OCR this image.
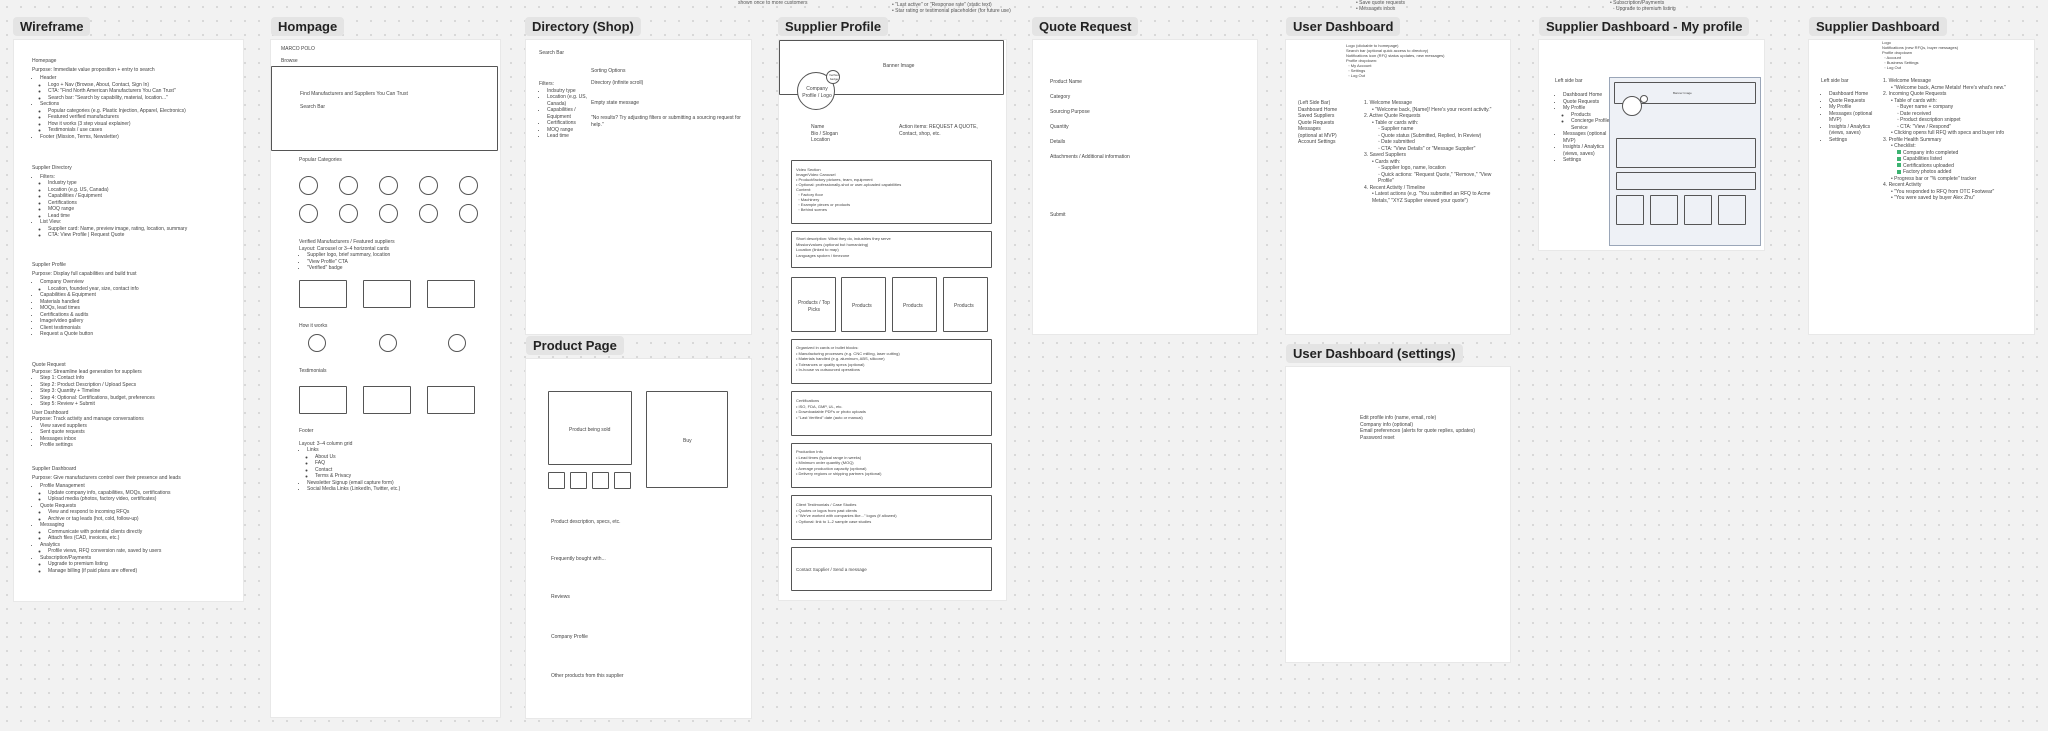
shown once to more customers	• "Last active" or "Response rate" (static text)
• Star rating or testimonial placeholder (for future use)
• Save quote requests
• Messages inbox
• Subscription/Payments
◦ Upgrade to premium listing
Wireframe
Homepage
Purpose: Immediate value proposition + entry to search
• Header
◦ Logo + Nav (Browse, About, Contact, Sign In)
◦ CTA: "Find North American Manufacturers You Can Trust"
◦ Search bar: "Search by capability, material, location..."
• Sections
◦ Popular categories (e.g. Plastic Injection, Apparel, Electronics)
◦ Featured verified manufacturers
◦ How it works (3 step visual explainer)
◦ Testimonials / use cases
• Footer (Mission, Terms, Newsletter)
Supplier Directory
• Filters:
◦ Industry type
◦ Location (e.g. US, Canada)
◦ Capabilities / Equipment
◦ Certifications
◦ MOQ range
◦ Lead time
• List View:
◦ Supplier card: Name, preview image, rating, location, summary
◦ CTA: View Profile | Request Quote
Supplier Profile
Purpose: Display full capabilities and build trust
• Company Overview
◦ Location, founded year, size, contact info
• Capabilities & Equipment
• Materials handled
• MOQs, lead times
• Certifications & audits
• Image/video gallery
• Client testimonials
• Request a Quote button
Quote Request
Purpose: Streamline lead generation for suppliers
• Step 1: Contact Info
• Step 2: Product Description / Upload Specs
• Step 3: Quantity + Timeline
• Step 4: Optional: Certifications, budget, preferences
• Step 5: Review + Submit
User Dashboard
Purpose: Track activity and manage conversations
• View saved suppliers
• Sent quote requests
• Messages inbox
• Profile settings
Supplier Dashboard
Purpose: Give manufacturers control over their presence and leads
• Profile Management
◦ Update company info, capabilities, MOQs, certifications
◦ Upload media (photos, factory video, certificates)
• Quote Requests
◦ View and respond to incoming RFQs
◦ Archive or tag leads (hot, cold, follow-up)
• Messaging
◦ Communicate with potential clients directly
◦ Attach files (CAD, invoices, etc.)
• Analytics
◦ Profile views, RFQ conversion rate, saved by users
• Subscription/Payments
◦ Upgrade to premium listing
◦ Manage billing (if paid plans are offered)
Hompage
MARCO POLO
Browse
Find Manufacturers and Suppliers You Can Trust
Search Bar
Popular Categories
Verified Manufacturers / Featured suppliers
Layout: Carousel or 3–4 horizontal cards
• Supplier logo, brief summary, location
• "View Profile" CTA
• "Verified" badge
How it works
Testimonials
Footer
Layout: 3–4 column grid
• Links
◦ About Us
◦ FAQ
◦ Contact
◦ Terms & Privacy
• Newsletter Signup (email capture form)
• Social Media Links (LinkedIn, Twitter, etc.)
Directory (Shop)
Search Bar
Sorting Options
Directory (infinite scroll)
Filters:
• Indsutry type
• Location (e.g. US, Canada)
• Capabilities / Equipment
• Certifications
• MOQ range
• Lead time
Empty state message
"No results? Try adjusting filters or submitting a sourcing request for help."
Product Page
Product being sold
Buy
Product description, specs, etc.
Frequently bought with...
Reviews
Company Profile
Other products from this supplier
Supplier Profile
Banner Image
Company Profile / Logo
Verified badge
Name
Bio / Slogan
Location
Action items: REQUEST A QUOTE, Contact, shop, etc.
Video Section
Image/Video Carousel
• Product/factory pictures, team, equipment
• Optional: professionally-shot or user-uploaded capabilities
Content:
◦ Factory floor
◦ Machinery
◦ Example pieces or products
◦ Behind scenes
Short description: What they do, industries they serve
Mission/values (optional but humanizing)
Location (linked to map)
Languages spoken / timezone
Products / Top Picks
Products	Products	Products
Organized in cards or bullet blocks:
• Manufacturing processes (e.g. CNC milling, laser cutting)
• Materials handled (e.g. aluminum, ABS, silicone)
• Tolerances or quality specs (optional)
• In-house vs outsourced operations
Certifications
• ISO, FDA, GMP, UL, etc.
• Downloadable PDFs or photo uploads
• "Last Verified" date (auto or manual)
Production Info
• Lead times (typical range in weeks)
• Minimum order quantity (MOQ)
• Average production capacity (optional)
• Delivery regions or shipping partners (optional)
Client Testimonials / Case Studies
• Quotes or logos from past clients
• "We've worked with companies like..." logos (if allowed)
• Optional: link to 1–2 sample case studies
Contact Supplier / Send a message
Quote Request
Product Name
Category
Sourcing Purpose
Quantity
Details
Attachments / Additional information
Submit
User Dashboard
Logo (clickable to homepage)
Search bar (optional quick access to directory)
Notifications icon (RFQ status updates, new messages)
Profile dropdown:
◦ My Account
◦ Settings
◦ Log Out
(Left Side Bar)
Dashboard Home
Saved Suppliers
Quote Requests
Messages
(optional at MVP)
Account Settings
1. Welcome Message
• "Welcome back, [Name]! Here's your recent activity."
2. Active Quote Requests
• Table or cards with:
◦ Supplier name
◦ Quote status (Submitted, Replied, In Review)
◦ Date submitted
◦ CTA: "View Details" or "Message Supplier"
3. Saved Suppliers
• Cards with:
◦ Supplier logo, name, location
◦ Quick actions: "Request Quote," "Remove," "View Profile"
4. Recent Activity / Timeline
• Latest actions (e.g. "You submitted an RFQ to Acme Metals," "XYZ Supplier viewed your quote")
User Dashboard (settings)
Edit profile info (name, email, role)
Company info (optional)
Email preferences (alerts for quote replies, updates)
Password reset
Supplier Dashboard - My profile
Left side bar
• Dashboard Home
• Quote Requests
• My Profile
◦ Products
◦ Concierge Profile Service
• Messages (optional MVP)
• Insights / Analytics (views, saves)
• Settings
Banner Image
Supplier Dashboard
Logo
Notifications (new RFQs, buyer messages)
Profile dropdown
◦ Account
◦ Business Settings
◦ Log Out
Left side bar
• Dashboard Home
• Quote Requests
• My Profile
• Messages (optional MVP)
• Insights / Analytics (views, saves)
• Settings
1. Welcome Message
• "Welcome back, Acme Metals! Here's what's new."
2. Incoming Quote Requests
• Table of cards with:
◦ Buyer name + company
◦ Date received
◦ Product description snippet
◦ CTA: "View / Respond"
• Clicking opens full RFQ with specs and buyer info
3. Profile Health Summary
• Checklist:
Company info completed
Capabilities listed
Certifications uploaded
Factory photos added
• Progress bar or "% complete" tracker
4. Recent Activity
• "You responded to RFQ from OTC Footwear"
• "You were saved by buyer Alex Zhu"
